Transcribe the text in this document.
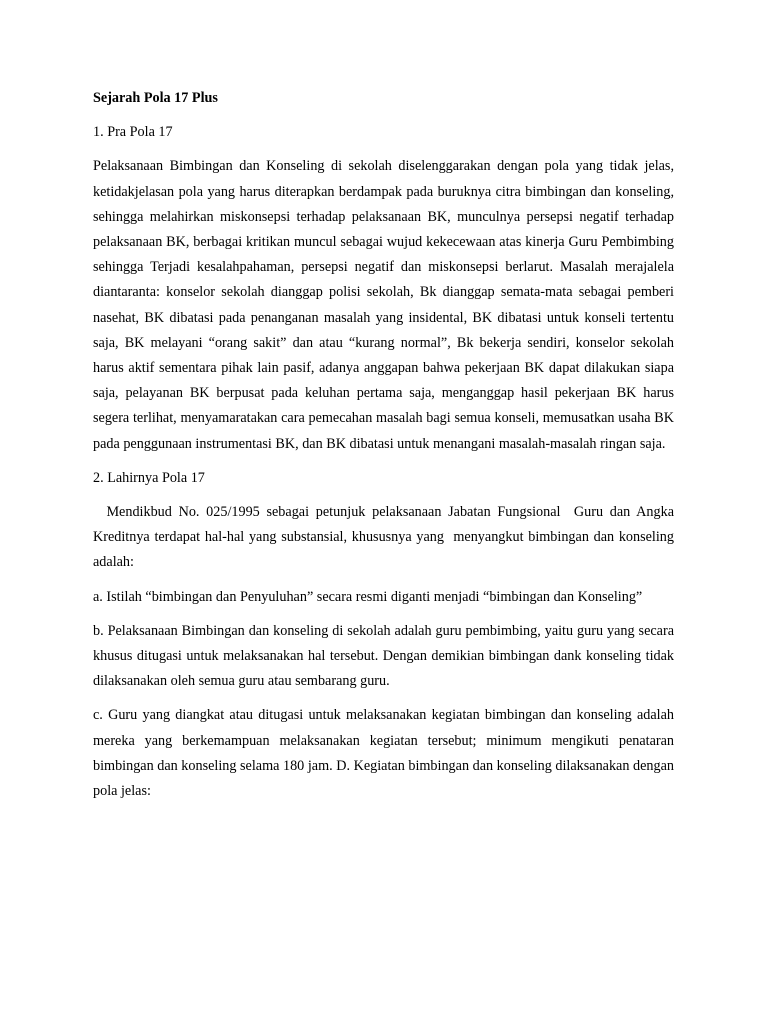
Sejarah Pola 17 Plus

1. Pra Pola 17

Pelaksanaan Bimbingan dan Konseling di sekolah diselenggarakan dengan pola yang tidak jelas, ketidakjelasan pola yang harus diterapkan berdampak pada buruknya citra bimbingan dan konseling, sehingga melahirkan miskonsepsi terhadap pelaksanaan BK, munculnya persepsi negatif terhadap pelaksanaan BK, berbagai kritikan muncul sebagai wujud kekecewaan atas kinerja Guru Pembimbing sehingga Terjadi kesalahpahaman, persepsi negatif dan miskonsepsi berlarut. Masalah merajalela diantaranta: konselor sekolah dianggap polisi sekolah, Bk dianggap semata-mata sebagai pemberi nasehat, BK dibatasi pada penanganan masalah yang insidental, BK dibatasi untuk konseli tertentu saja, BK melayani “orang sakit” dan atau “kurang normal”, Bk bekerja sendiri, konselor sekolah harus aktif sementara pihak lain pasif, adanya anggapan bahwa pekerjaan BK dapat dilakukan siapa saja, pelayanan BK berpusat pada keluhan pertama saja, menganggap hasil pekerjaan BK harus segera terlihat, menyamaratakan cara pemecahan masalah bagi semua konseli, memusatkan usaha BK pada penggunaan instrumentasi BK, dan BK dibatasi untuk menangani masalah-masalah ringan saja.

2. Lahirnya Pola 17

Mendikbud No. 025/1995 sebagai petunjuk pelaksanaan Jabatan Fungsional  Guru dan Angka Kreditnya terdapat hal-hal yang substansial, khususnya yang  menyangkut bimbingan dan konseling adalah:

a. Istilah “bimbingan dan Penyuluhan” secara resmi diganti menjadi “bimbingan dan Konseling”

b. Pelaksanaan Bimbingan dan konseling di sekolah adalah guru pembimbing, yaitu guru yang secara khusus ditugasi untuk melaksanakan hal tersebut. Dengan demikian bimbingan dank konseling tidak dilaksanakan oleh semua guru atau sembarang guru.

c. Guru yang diangkat atau ditugasi untuk melaksanakan kegiatan bimbingan dan konseling adalah mereka yang berkemampuan melaksanakan kegiatan tersebut; minimum mengikuti penataran bimbingan dan konseling selama 180 jam. D. Kegiatan bimbingan dan konseling dilaksanakan dengan pola jelas:
